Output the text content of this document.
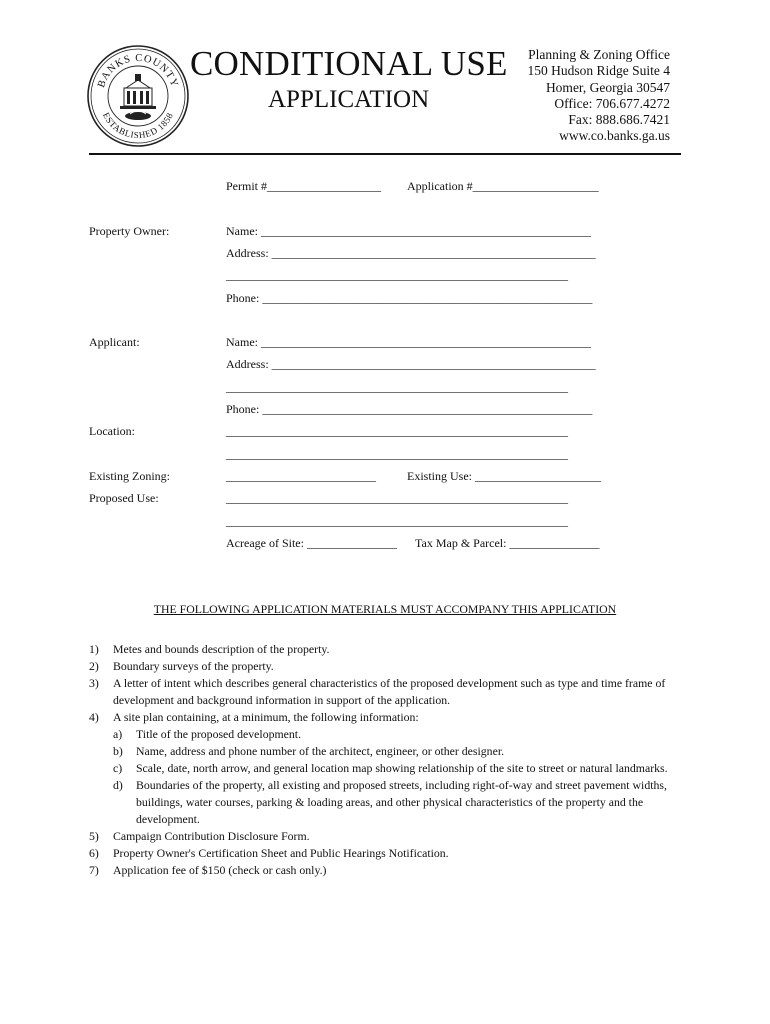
BANKS COUNTY
ESTABLISHED 1858
CONDITIONAL USE
APPLICATION
Planning & Zoning Office
150 Hudson Ridge Suite 4
Homer, Georgia 30547
Office: 706.677.4272
Fax: 888.686.7421
www.co.banks.ga.us
Permit #___________________ Application #_____________________
Property Owner:	Name: _______________________________________________________
Address: ______________________________________________________
_________________________________________________________
Phone: _______________________________________________________
Applicant:	Name: _______________________________________________________
Address: ______________________________________________________
_________________________________________________________
Phone: _______________________________________________________
Location:	_________________________________________________________
_________________________________________________________
Existing Zoning:	_________________________	Existing Use: _____________________
Proposed Use:	_________________________________________________________
_________________________________________________________
Acreage of Site: _______________ Tax Map & Parcel: _______________
THE FOLLOWING APPLICATION MATERIALS MUST ACCOMPANY THIS APPLICATION
1) Metes and bounds description of the property.
2) Boundary surveys of the property.
3) A letter of intent which describes general characteristics of the proposed development such as type and time frame of development and background information in support of the application.
4) A site plan containing, at a minimum, the following information:
a) Title of the proposed development.
b) Name, address and phone number of the architect, engineer, or other designer.
c) Scale, date, north arrow, and general location map showing relationship of the site to street or natural landmarks.
d) Boundaries of the property, all existing and proposed streets, including right-of-way and street pavement widths, buildings, water courses, parking & loading areas, and other physical characteristics of the property and the development.
5) Campaign Contribution Disclosure Form.
6) Property Owner's Certification Sheet and Public Hearings Notification.
7) Application fee of $150 (check or cash only.)
